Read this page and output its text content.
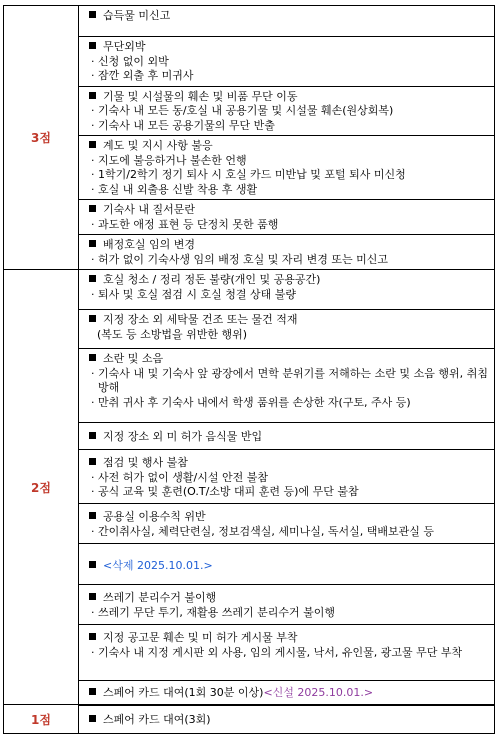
3점	습득물 미신고

	무단외박
· 신청 없이 외박
· 잠깐 외출 후 미귀사

	기물 및 시설물의 훼손 및 비품 무단 이동
· 기숙사 내 모든 동/호실 내 공용기물 및 시설물 훼손(원상회복)
· 기숙사 내 모든 공용기물의 무단 반출

	계도 및 지시 사항 불응
· 지도에 불응하거나 불손한 언행
· 1학기/2학기 정기 퇴사 시 호실 카드 미반납 및 포털 퇴사 미신청
· 호실 내 외출용 신발 착용 후 생활

	기숙사 내 질서문란
· 과도한 애정 표현 등 단정치 못한 품행

	배정호실 임의 변경
· 허가 없이 기숙사생 임의 배정 호실 및 자리 변경 또는 미신고

2점	호실 청소 / 정리 정돈 불량(개인 및 공용공간)
· 퇴사 및 호실 점검 시 호실 청결 상태 불량

	지정 장소 외 세탁물 건조 또는 물건 적재
(복도 등 소방법을 위반한 행위)

	소란 및 소음
· 기숙사 내 및 기숙사 앞 광장에서 면학 분위기를 저해하는 소란 및 소음 행위, 취침 방해
· 만취 귀사 후 기숙사 내에서 학생 품위를 손상한 자(구토, 주사 등)

	지정 장소 외 미 허가 음식물 반입

	점검 및 행사 불참
· 사전 허가 없이 생활/시설 안전 불참
· 공식 교육 및 훈련(O.T/소방 대피 훈련 등)에 무단 불참

	공용실 이용수칙 위반
· 간이취사실, 체력단련실, 정보검색실, 세미나실, 독서실, 택배보관실 등

	<삭제 2025.10.01.>

	쓰레기 분리수거 불이행
· 쓰레기 무단 투기, 재활용 쓰레기 분리수거 불이행

	지정 공고문 훼손 및 미 허가 게시물 부착
· 기숙사 내 지정 게시판 외 사용, 임의 게시물, 낙서, 유인물, 광고물 무단 부착

	스페어 카드 대여(1회 30분 이상)<신설 2025.10.01.>

1점	스페어 카드 대여(3회)
